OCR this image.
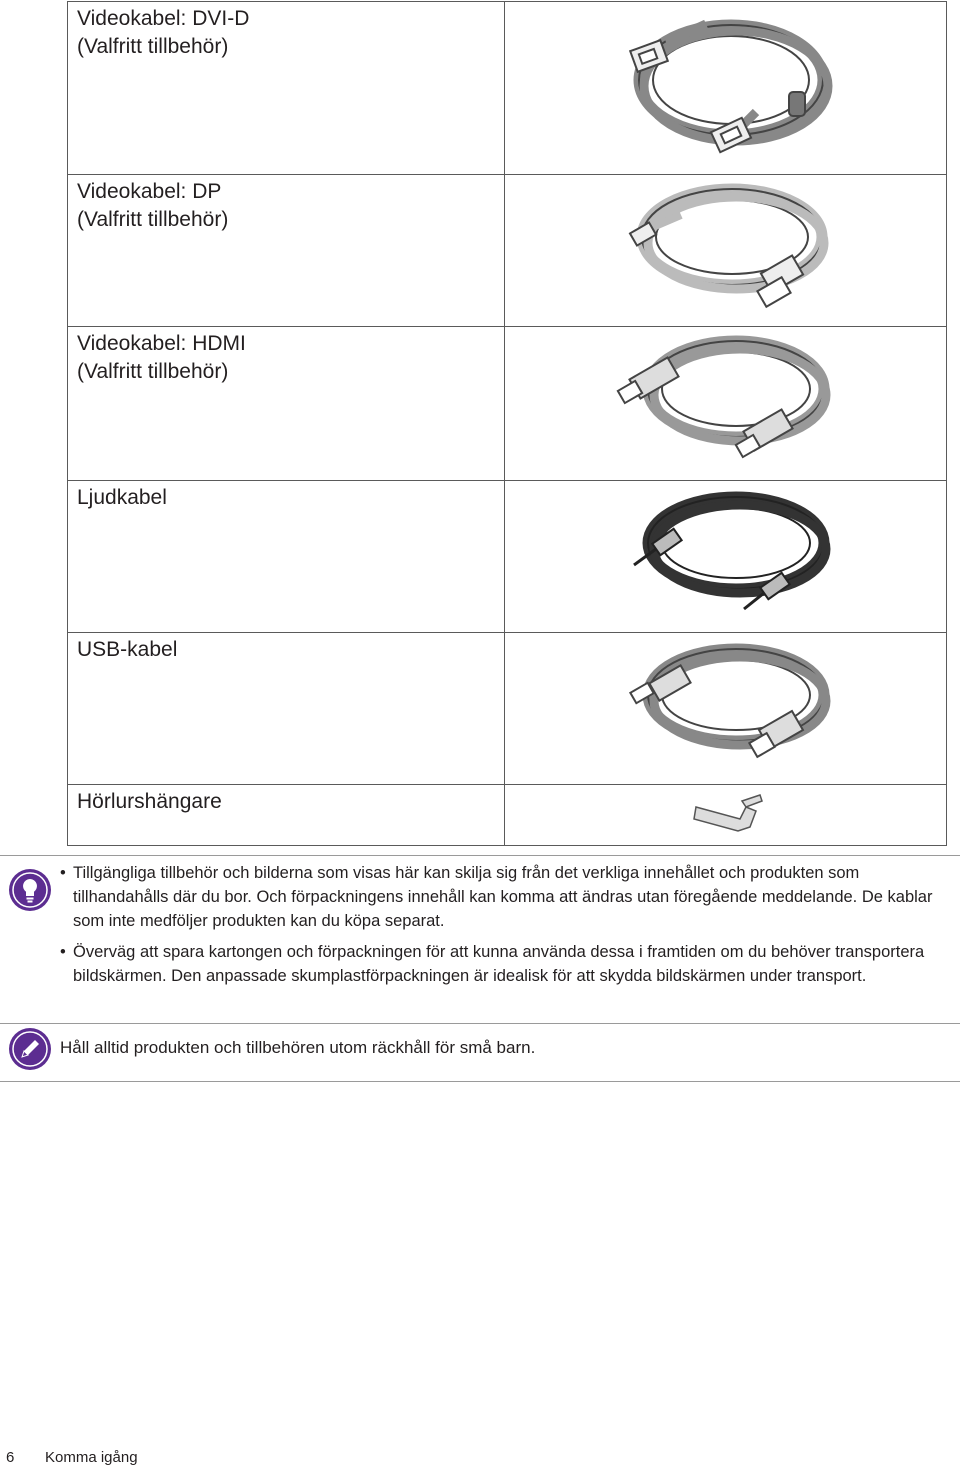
Videokabel: DVI-D
(Valfritt tillbehör)

Videokabel: DP
(Valfritt tillbehör)

Videokabel: HDMI
(Valfritt tillbehör)

Ljudkabel

USB-kabel

Hörlurshängare

• Tillgängliga tillbehör och bilderna som visas här kan skilja sig från det verkliga innehållet och produkten som tillhandahålls där du bor. Och förpackningens innehåll kan komma att ändras utan föregående meddelande. De kablar som inte medföljer produkten kan du köpa separat.
• Överväg att spara kartongen och förpackningen för att kunna använda dessa i framtiden om du behöver transportera bildskärmen. Den anpassade skumplastförpackningen är idealisk för att skydda bildskärmen under transport.
Håll alltid produkten och tillbehören utom räckhåll för små barn.
6 Komma igång
